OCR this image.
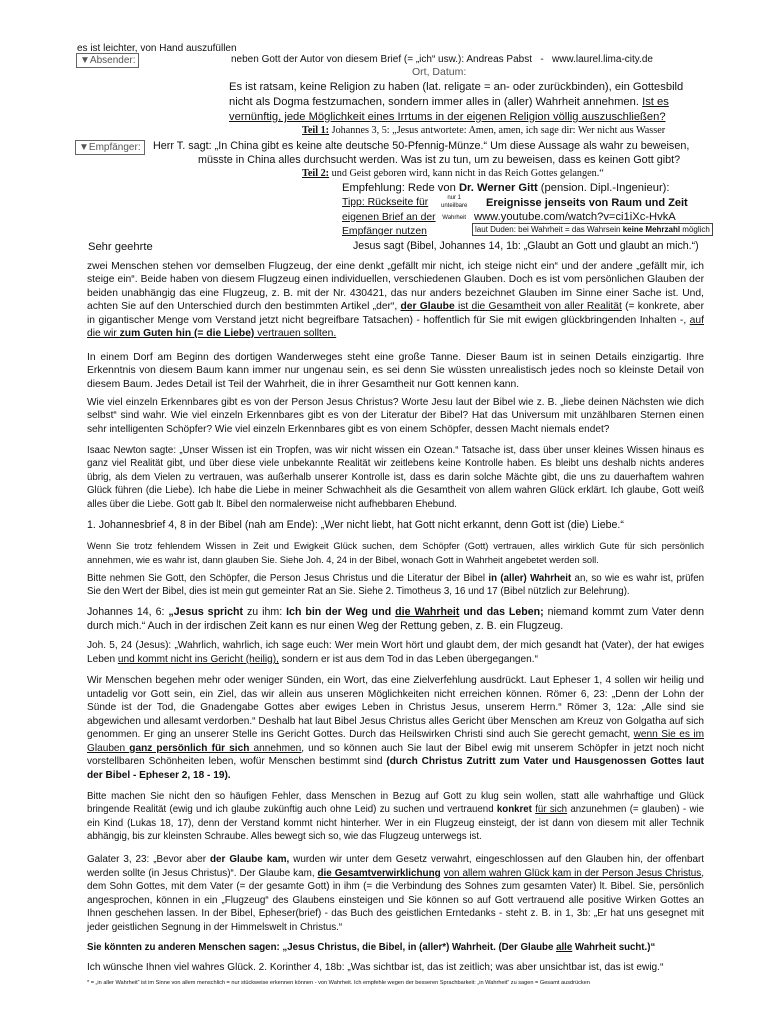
es ist leichter, von Hand auszufüllen
▼Absender:	neben Gott der Autor von diesem Brief (= „ich“ usw.): Andreas Pabst   -   www.laurel.lima-city.de
Ort, Datum:
Es ist ratsam, keine Religion zu haben (lat. religate = an- oder zurückbinden), ein Gottesbild
nicht als Dogma festzumachen, sondern immer alles in (aller) Wahrheit annehmen. Ist es
vernünftig, jede Möglichkeit eines Irrtums in der eigenen Religion völlig auszuschließen?
Teil 1: Johannes 3, 5: „Jesus antwortete: Amen, amen, ich sage dir: Wer nicht aus Wasser
▼Empfänger:	Herr T. sagt: „In China gibt es keine alte deutsche 50-Pfennig-Münze.“ Um diese Aussage als wahr zu beweisen,
müsste in China alles durchsucht werden. Was ist zu tun, um zu beweisen, dass es keinen Gott gibt?
Teil 2: und Geist geboren wird, kann nicht in das Reich Gottes gelangen.“
Empfehlung: Rede von Dr. Werner Gitt (pension. Dipl.-Ingenieur):
Tipp: Rückseite für
eigenen Brief an der
Empfänger nutzen
nur 1
unteilbare
Wahrheit
Ereignisse jenseits von Raum und Zeit
www.youtube.com/watch?v=ci1iXc-HvkA
laut Duden: bei Wahrheit = das Wahrsein keine Mehrzahl möglich
Sehr geehrte	Jesus sagt (Bibel, Johannes 14, 1b: „Glaubt an Gott und glaubt an mich.“)
zwei Menschen stehen vor demselben Flugzeug, der eine denkt „gefällt mir nicht, ich steige nicht ein“ und der andere „gefällt mir, ich steige ein“. Beide haben von diesem Flugzeug einen individuellen, verschiedenen Glauben. Doch es ist vom persönlichen Glauben der beiden unabhängig das eine Flugzeug, z. B. mit der Nr. 430421, das nur anders bezeichnet Glauben im Sinne einer Sache ist. Und, achten Sie auf den Unterschied durch den bestimmten Artikel „der“, der Glaube ist die Gesamtheit von aller Realität (= konkrete, aber in gigantischer Menge vom Verstand jetzt nicht begreifbare Tatsachen) - hoffentlich für Sie mit ewigen glückbringenden Inhalten -, auf die wir zum Guten hin (= die Liebe) vertrauen sollten.
In einem Dorf am Beginn des dortigen Wanderweges steht eine große Tanne. Dieser Baum ist in seinen Details einzigartig. Ihre Erkenntnis von diesem Baum kann immer nur ungenau sein, es sei denn Sie wüssten unrealistisch jedes noch so kleinste Detail von diesem Baum. Jedes Detail ist Teil der Wahrheit, die in ihrer Gesamtheit nur Gott kennen kann.
Wie viel einzeln Erkennbares gibt es von der Person Jesus Christus? Worte Jesu laut der Bibel wie z. B. „liebe deinen Nächsten wie dich selbst“ sind wahr. Wie viel einzeln Erkennbares gibt es von der Literatur der Bibel? Hat das Universum mit unzählbaren Sternen einen sehr intelligenten Schöpfer? Wie viel einzeln Erkennbares gibt es von einem Schöpfer, dessen Macht niemals endet?
Isaac Newton sagte: „Unser Wissen ist ein Tropfen, was wir nicht wissen ein Ozean.“ Tatsache ist, dass über unser kleines Wissen hinaus es ganz viel Realität gibt, und über diese viele unbekannte Realität wir zeitlebens keine Kontrolle haben. Es bleibt uns deshalb nichts anderes übrig, als dem Vielen zu vertrauen, was außerhalb unserer Kontrolle ist, dass es darin solche Mächte gibt, die uns zu dauerhaftem wahren Glück führen (die Liebe). Ich habe die Liebe in meiner Schwachheit als die Gesamtheit von allem wahren Glück erklärt. Ich glaube, Gott weiß alles über die Liebe. Gott gab lt. Bibel den normalerweise nicht aufhebbaren Ehebund.
1. Johannesbrief 4, 8 in der Bibel (nah am Ende): „Wer nicht liebt, hat Gott nicht erkannt, denn Gott ist (die) Liebe.“
Wenn Sie trotz fehlendem Wissen in Zeit und Ewigkeit Glück suchen, dem Schöpfer (Gott) vertrauen, alles wirklich Gute für sich persönlich annehmen, wie es wahr ist, dann glauben Sie. Siehe Joh. 4, 24 in der Bibel, wonach Gott in Wahrheit angebetet werden soll.
Bitte nehmen Sie Gott, den Schöpfer, die Person Jesus Christus und die Literatur der Bibel in (aller) Wahrheit an, so wie es wahr ist, prüfen Sie den Wert der Bibel, dies ist mein gut gemeinter Rat an Sie. Siehe 2. Timotheus 3, 16 und 17 (Bibel nützlich zur Belehrung).
Johannes 14, 6: „Jesus spricht zu ihm: Ich bin der Weg und die Wahrheit und das Leben; niemand kommt zum Vater denn durch mich.“ Auch in der irdischen Zeit kann es nur einen Weg der Rettung geben, z. B. ein Flugzeug.
Joh. 5, 24 (Jesus): „Wahrlich, wahrlich, ich sage euch: Wer mein Wort hört und glaubt dem, der mich gesandt hat (Vater), der hat ewiges Leben und kommt nicht ins Gericht (heilig), sondern er ist aus dem Tod in das Leben übergegangen.“
Wir Menschen begehen mehr oder weniger Sünden, ein Wort, das eine Zielverfehlung ausdrückt. Laut Epheser 1, 4 sollen wir heilig und untadelig vor Gott sein, ein Ziel, das wir allein aus unseren Möglichkeiten nicht erreichen können. Römer 6, 23: „Denn der Lohn der Sünde ist der Tod, die Gnadengabe Gottes aber ewiges Leben in Christus Jesus, unserem Herrn.“ Römer 3, 12a: „Alle sind sie abgewichen und allesamt verdorben.“ Deshalb hat laut Bibel Jesus Christus alles Gericht über Menschen am Kreuz von Golgatha auf sich genommen. Er ging an unserer Stelle ins Gericht Gottes. Durch das Heilswirken Christi sind auch Sie gerecht gemacht, wenn Sie es im Glauben ganz persönlich für sich annehmen, und so können auch Sie laut der Bibel ewig mit unserem Schöpfer in jetzt noch nicht vorstellbaren Schönheiten leben, wofür Menschen bestimmt sind (durch Christus Zutritt zum Vater und Hausgenossen Gottes laut der Bibel - Epheser 2, 18 - 19).
Bitte machen Sie nicht den so häufigen Fehler, dass Menschen in Bezug auf Gott zu klug sein wollen, statt alle wahrhaftige und Glück bringende Realität (ewig und ich glaube zukünftig auch ohne Leid) zu suchen und vertrauend konkret für sich anzunehmen (= glauben) - wie ein Kind (Lukas 18, 17), denn der Verstand kommt nicht hinterher. Wer in ein Flugzeug einsteigt, der ist dann von diesem mit aller Technik abhängig, bis zur kleinsten Schraube. Alles bewegt sich so, wie das Flugzeug unterwegs ist.
Galater 3, 23: „Bevor aber der Glaube kam, wurden wir unter dem Gesetz verwahrt, eingeschlossen auf den Glauben hin, der offenbart werden sollte (in Jesus Christus)“. Der Glaube kam, die Gesamtverwirklichung von allem wahren Glück kam in der Person Jesus Christus, dem Sohn Gottes, mit dem Vater (= der gesamte Gott) in ihm (= die Verbindung des Sohnes zum gesamten Vater) lt. Bibel. Sie, persönlich angesprochen, können in ein „Flugzeug“ des Glaubens einsteigen und Sie können so auf Gott vertrauend alle positive Wirken Gottes an Ihnen geschehen lassen. In der Bibel, Epheser(brief) - das Buch des geistlichen Erntedanks - steht z. B. in 1, 3b: „Er hat uns gesegnet mit jeder geistlichen Segnung in der Himmelswelt in Christus.“
Sie könnten zu anderen Menschen sagen: „Jesus Christus, die Bibel, in (aller*) Wahrheit. (Der Glaube alle Wahrheit sucht.)“
Ich wünsche Ihnen viel wahres Glück. 2. Korinther 4, 18b: „Was sichtbar ist, das ist zeitlich; was aber unsichtbar ist, das ist ewig.“
* = „in aller Wahrheit“ ist im Sinne von allem menschlich = nur stückweise erkennen können - von Wahrheit. Ich empfehle wegen der besseren Sprachbarkeit: „in Wahrheit“ zu sagen = Gesamt ausdrücken
